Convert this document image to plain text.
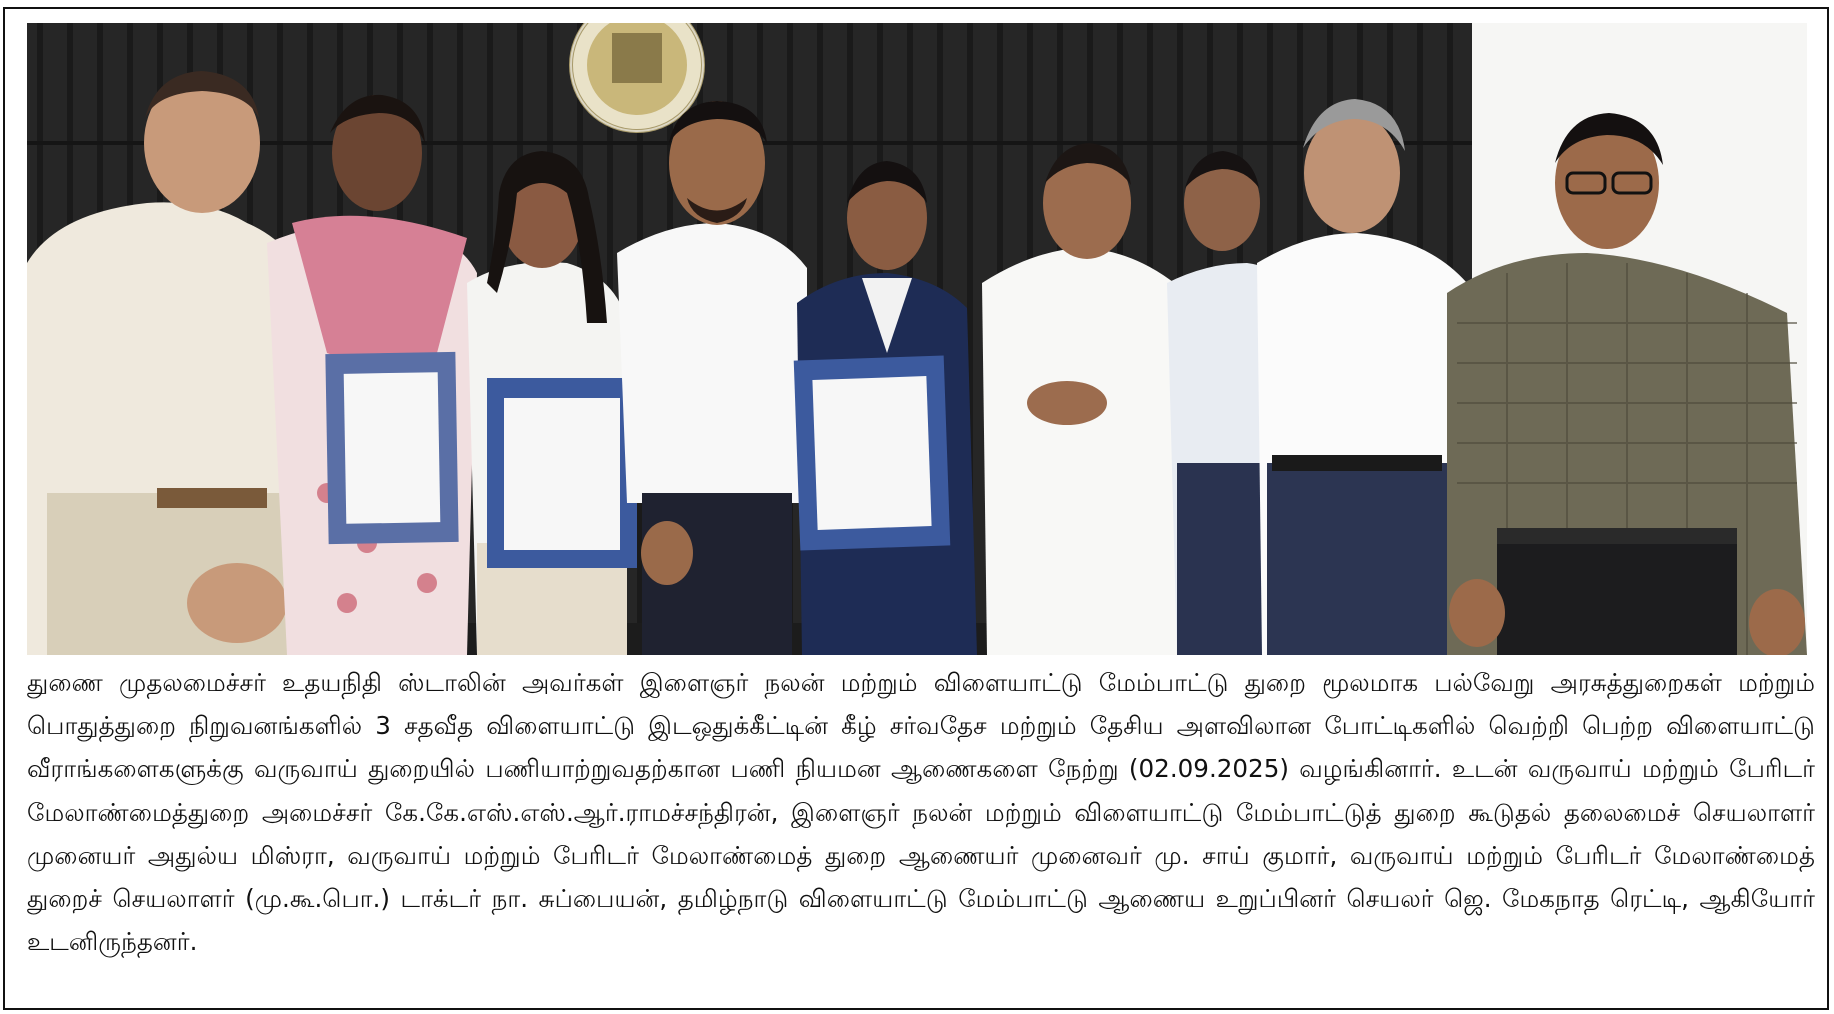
துணை முதலமைச்சர் உதயநிதி ஸ்டாலின் அவர்கள் இளைஞர் நலன் மற்றும் விளையாட்டு மேம்பாட்டு துறை மூலமாக பல்வேறு அரசுத்துறைகள் மற்றும் பொதுத்துறை நிறுவனங்களில் 3 சதவீத விளையாட்டு இடஒதுக்கீட்டின் கீழ் சர்வதேச மற்றும் தேசிய அளவிலான போட்டிகளில் வெற்றி பெற்ற விளையாட்டு வீராங்களைகளுக்கு வருவாய் துறையில் பணியாற்றுவதற்கான பணி நியமன ஆணைகளை நேற்று (02.09.2025) வழங்கினார். உடன் வருவாய் மற்றும் பேரிடர் மேலாண்மைத்துறை அமைச்சர் கே.கே.எஸ்.எஸ்.ஆர்.ராமச்சந்திரன், இளைஞர் நலன் மற்றும் விளையாட்டு மேம்பாட்டுத் துறை கூடுதல் தலைமைச் செயலாளர் முனையர் அதுல்ய மிஸ்ரா, வருவாய் மற்றும் பேரிடர் மேலாண்மைத் துறை ஆணையர் முனைவர் மு. சாய் குமார், வருவாய் மற்றும் பேரிடர் மேலாண்மைத் துறைச் செயலாளர் (மு.கூ.பொ.) டாக்டர் நா. சுப்பையன், தமிழ்நாடு விளையாட்டு மேம்பாட்டு ஆணைய உறுப்பினர் செயலர் ஜெ. மேகநாத ரெட்டி, ஆகியோர் உடனிருந்தனர்.
